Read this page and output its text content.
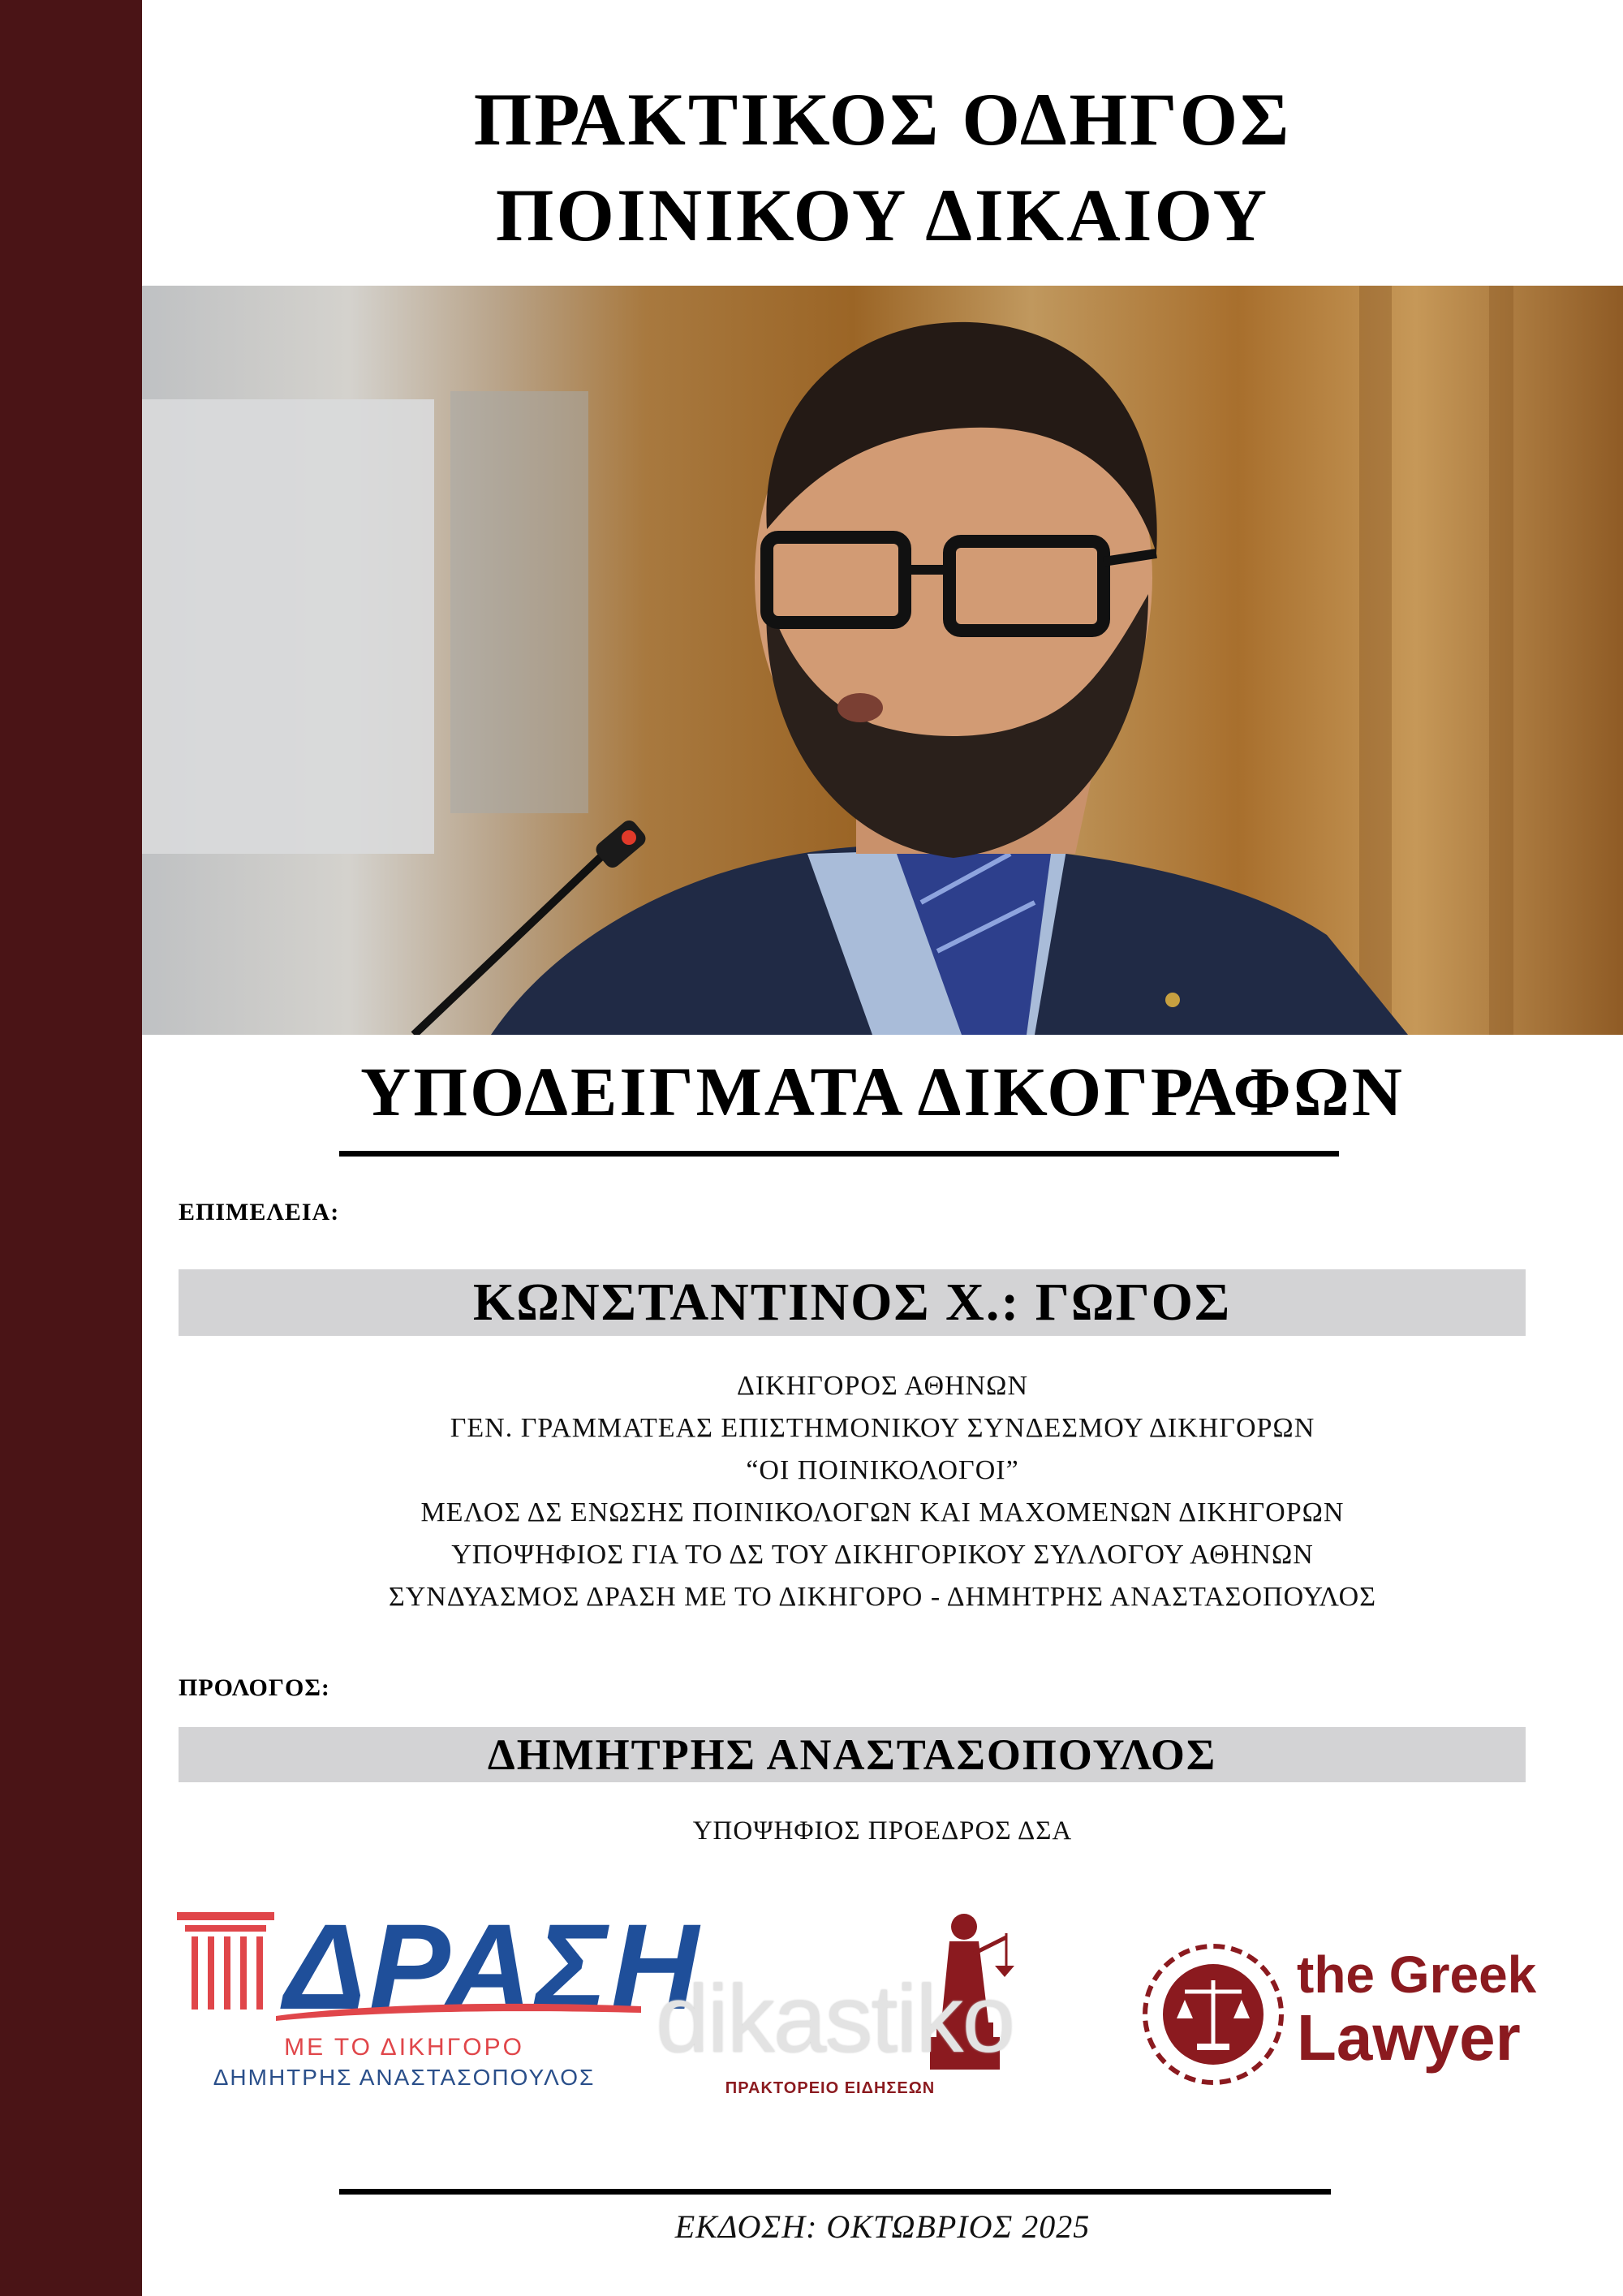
ΠΡΑΚΤΙΚΟΣ ΟΔΗΓΟΣ
ΠΟΙΝΙΚΟΥ ΔΙΚΑΙΟΥ
ΥΠΟΔΕΙΓΜΑΤΑ ΔΙΚΟΓΡΑΦΩΝ
ΕΠΙΜΕΛΕΙΑ:
ΚΩΝΣΤΑΝΤΙΝΟΣ Χ.: ΓΩΓΟΣ
ΔΙΚΗΓΟΡΟΣ ΑΘΗΝΩΝ
ΓΕΝ. ΓΡΑΜΜΑΤΕΑΣ ΕΠΙΣΤΗΜΟΝΙΚΟΥ ΣΥΝΔΕΣΜΟΥ ΔΙΚΗΓΟΡΩΝ
“ΟΙ ΠΟΙΝΙΚΟΛΟΓΟΙ”
ΜΕΛΟΣ ΔΣ ΕΝΩΣΗΣ ΠΟΙΝΙΚΟΛΟΓΩΝ ΚΑΙ ΜΑΧΟΜΕΝΩΝ ΔΙΚΗΓΟΡΩΝ
ΥΠΟΨΗΦΙΟΣ ΓΙΑ ΤΟ ΔΣ ΤΟΥ ΔΙΚΗΓΟΡΙΚΟΥ ΣΥΛΛΟΓΟΥ ΑΘΗΝΩΝ
ΣΥΝΔΥΑΣΜΟΣ ΔΡΑΣΗ ΜΕ ΤΟ ΔΙΚΗΓΟΡΟ - ΔΗΜΗΤΡΗΣ ΑΝΑΣΤΑΣΟΠΟΥΛΟΣ
ΠΡΟΛΟΓΟΣ:
ΔΗΜΗΤΡΗΣ ΑΝΑΣΤΑΣΟΠΟΥΛΟΣ
ΥΠΟΨΗΦΙΟΣ ΠΡΟΕΔΡΟΣ ΔΣΑ
ΔΡΑΣΗ
ΜΕ ΤΟ ΔΙΚΗΓΟΡΟ
ΔΗΜΗΤΡΗΣ ΑΝΑΣΤΑΣΟΠΟΥΛΟΣ
dikastiko
ΠΡΑΚΤΟΡΕΙΟ ΕΙΔΗΣΕΩΝ
the Greek
Lawyer
ΕΚΔΟΣΗ: ΟΚΤΩΒΡΙΟΣ 2025
